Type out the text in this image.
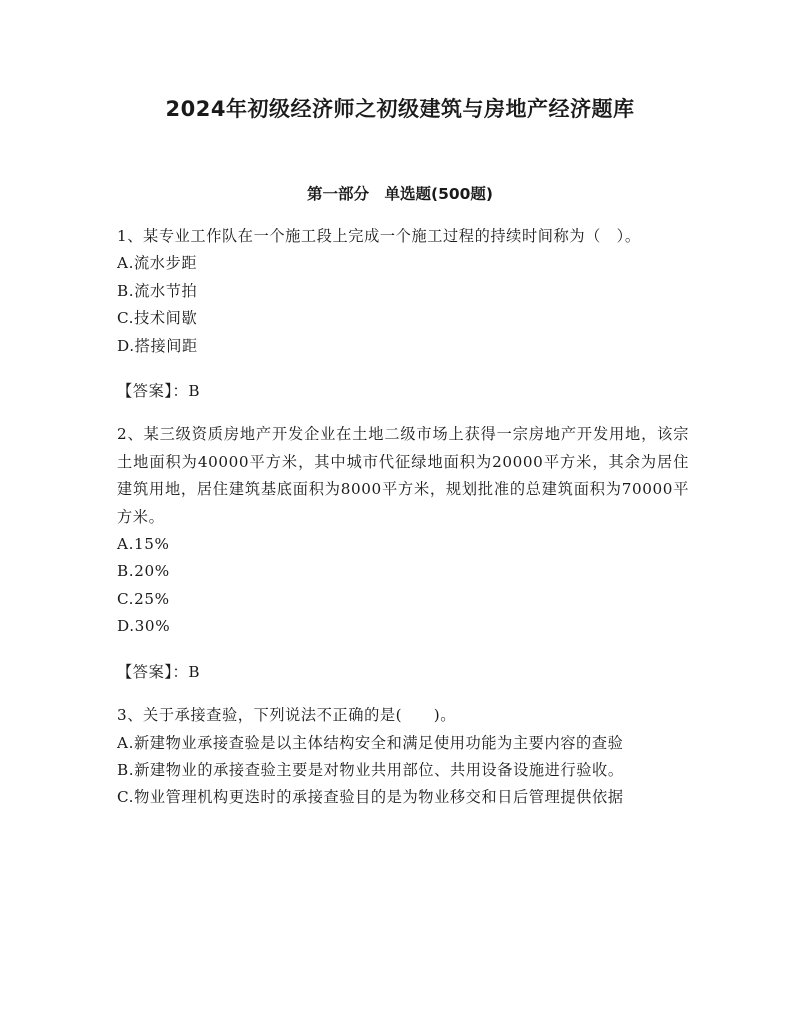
2024年初级经济师之初级建筑与房地产经济题库
第一部分　单选题(500题)

1、某专业工作队在一个施工段上完成一个施工过程的持续时间称为（　）。

A.流水步距
B.流水节拍
C.技术间歇
D.搭接间距

【答案】：B

2、某三级资质房地产开发企业在土地二级市场上获得一宗房地产开发用地，该宗土地面积为40000平方米，其中城市代征绿地面积为20000平方米，其余为居住建筑用地，居住建筑基底面积为8000平方米，规划批准的总建筑面积为70000平方米。

A.15%
B.20%
C.25%
D.30%

【答案】：B

3、关于承接查验，下列说法不正确的是(　　)。

A.新建物业承接查验是以主体结构安全和满足使用功能为主要内容的查验
B.新建物业的承接查验主要是对物业共用部位、共用设备设施进行验收。
C.物业管理机构更迭时的承接查验目的是为物业移交和日后管理提供依据
